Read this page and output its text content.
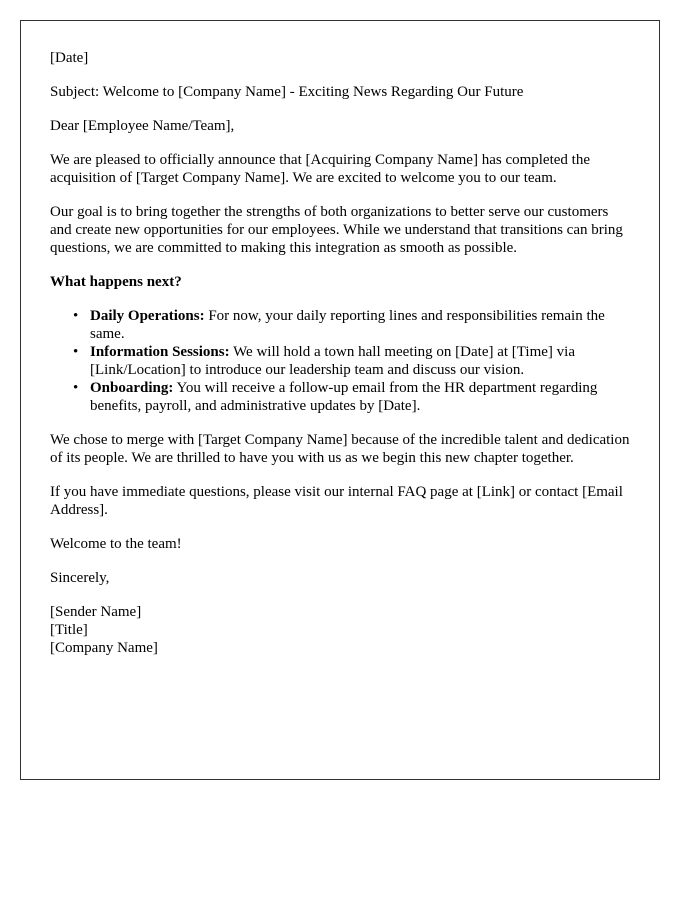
[Date]

Subject: Welcome to [Company Name] - Exciting News Regarding Our Future

Dear [Employee Name/Team],

We are pleased to officially announce that [Acquiring Company Name] has completed the acquisition of [Target Company Name]. We are excited to welcome you to our team.

Our goal is to bring together the strengths of both organizations to better serve our customers and create new opportunities for our employees. While we understand that transitions can bring questions, we are committed to making this integration as smooth as possible.

What happens next?

• Daily Operations: For now, your daily reporting lines and responsibilities remain the same.
• Information Sessions: We will hold a town hall meeting on [Date] at [Time] via [Link/Location] to introduce our leadership team and discuss our vision.
• Onboarding: You will receive a follow-up email from the HR department regarding benefits, payroll, and administrative updates by [Date].

We chose to merge with [Target Company Name] because of the incredible talent and dedication of its people. We are thrilled to have you with us as we begin this new chapter together.

If you have immediate questions, please visit our internal FAQ page at [Link] or contact [Email Address].

Welcome to the team!

Sincerely,

[Sender Name]
[Title]
[Company Name]
